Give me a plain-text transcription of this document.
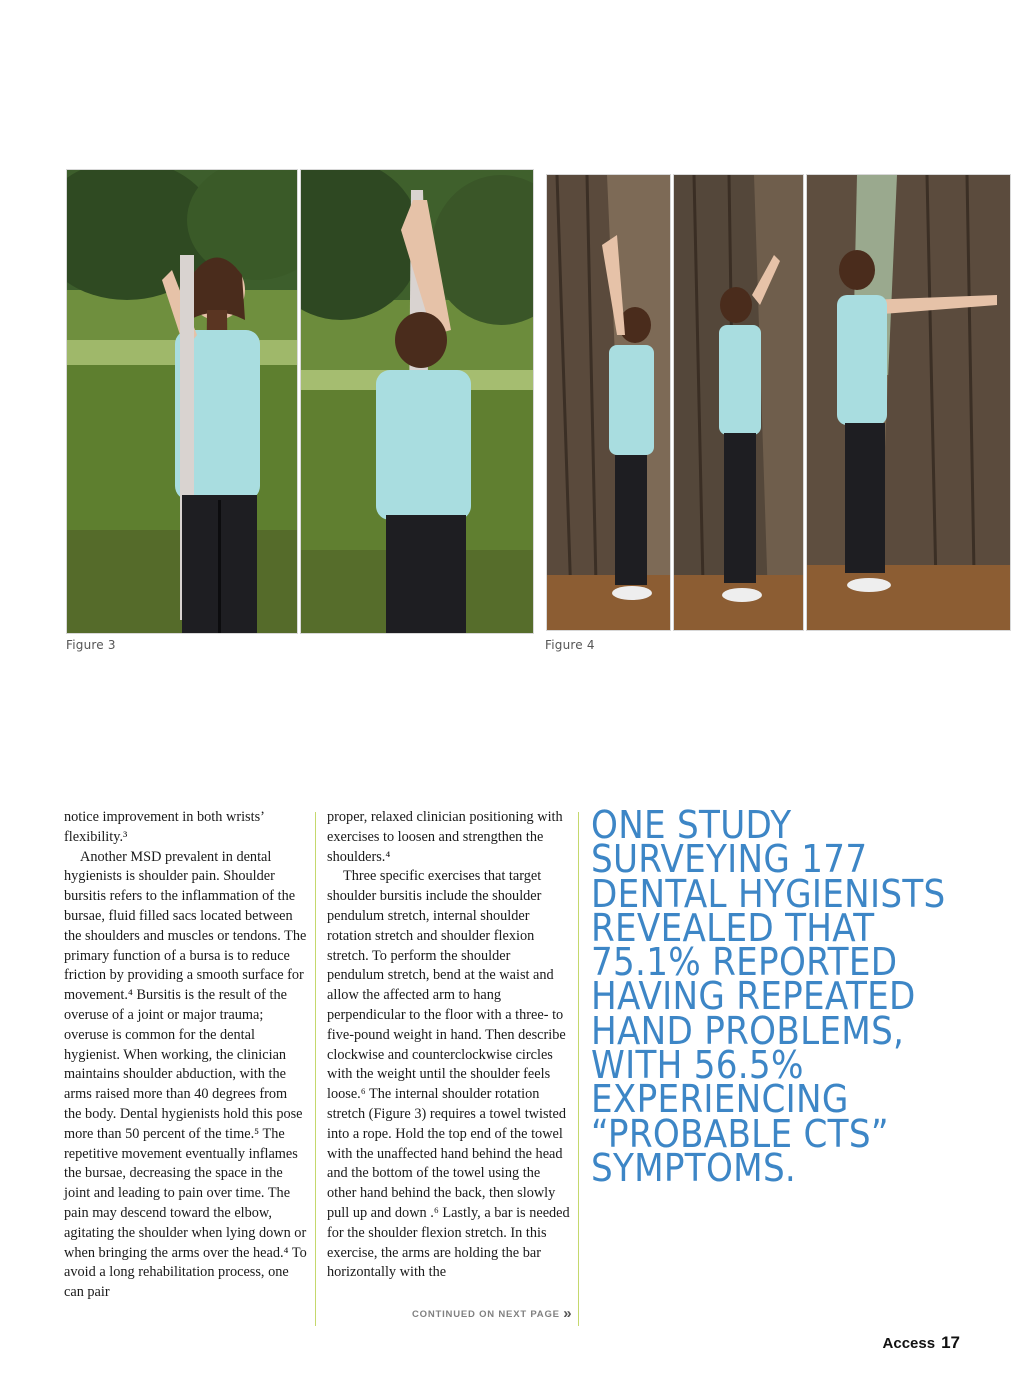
Figure 3	Figure 4

notice improvement in both wrists’ flexibility.³

Another MSD prevalent in dental hygienists is shoulder pain. Shoulder bursitis refers to the inflammation of the bursae, fluid filled sacs located between the shoulders and muscles or tendons. The primary function of a bursa is to reduce friction by providing a smooth surface for movement.⁴ Bursitis is the result of the overuse of a joint or major trauma; overuse is common for the dental hygienist. When working, the clinician maintains shoulder abduction, with the arms raised more than 40 degrees from the body. Dental hygienists hold this pose more than 50 percent of the time.⁵ The repetitive movement eventually inflames the bursae, decreasing the space in the joint and leading to pain over time. The pain may descend toward the elbow, agitating the shoulder when lying down or when bringing the arms over the head.⁴ To avoid a long rehabilitation process, one can pair

proper, relaxed clinician positioning with exercises to loosen and strengthen the shoulders.⁴

Three specific exercises that target shoulder bursitis include the shoulder pendulum stretch, internal shoulder rotation stretch and shoulder flexion stretch. To perform the shoulder pendulum stretch, bend at the waist and allow the affected arm to hang perpendicular to the floor with a three- to five-pound weight in hand. Then describe clockwise and counterclockwise circles with the weight until the shoulder feels loose.⁶ The internal shoulder rotation stretch (Figure 3) requires a towel twisted into a rope. Hold the top end of the towel with the unaffected hand behind the head and the bottom of the towel using the other hand behind the back, then slowly pull up and down .⁶ Lastly, a bar is needed for the shoulder flexion stretch. In this exercise, the arms are holding the bar horizontally with the

CONTINUED ON NEXT PAGE »
ONE STUDY
SURVEYING 177
DENTAL HYGIENISTS
REVEALED THAT
75.1% REPORTED
HAVING REPEATED
HAND PROBLEMS,
WITH 56.5%
EXPERIENCING
“PROBABLE CTS”
SYMPTOMS.
Access 17
